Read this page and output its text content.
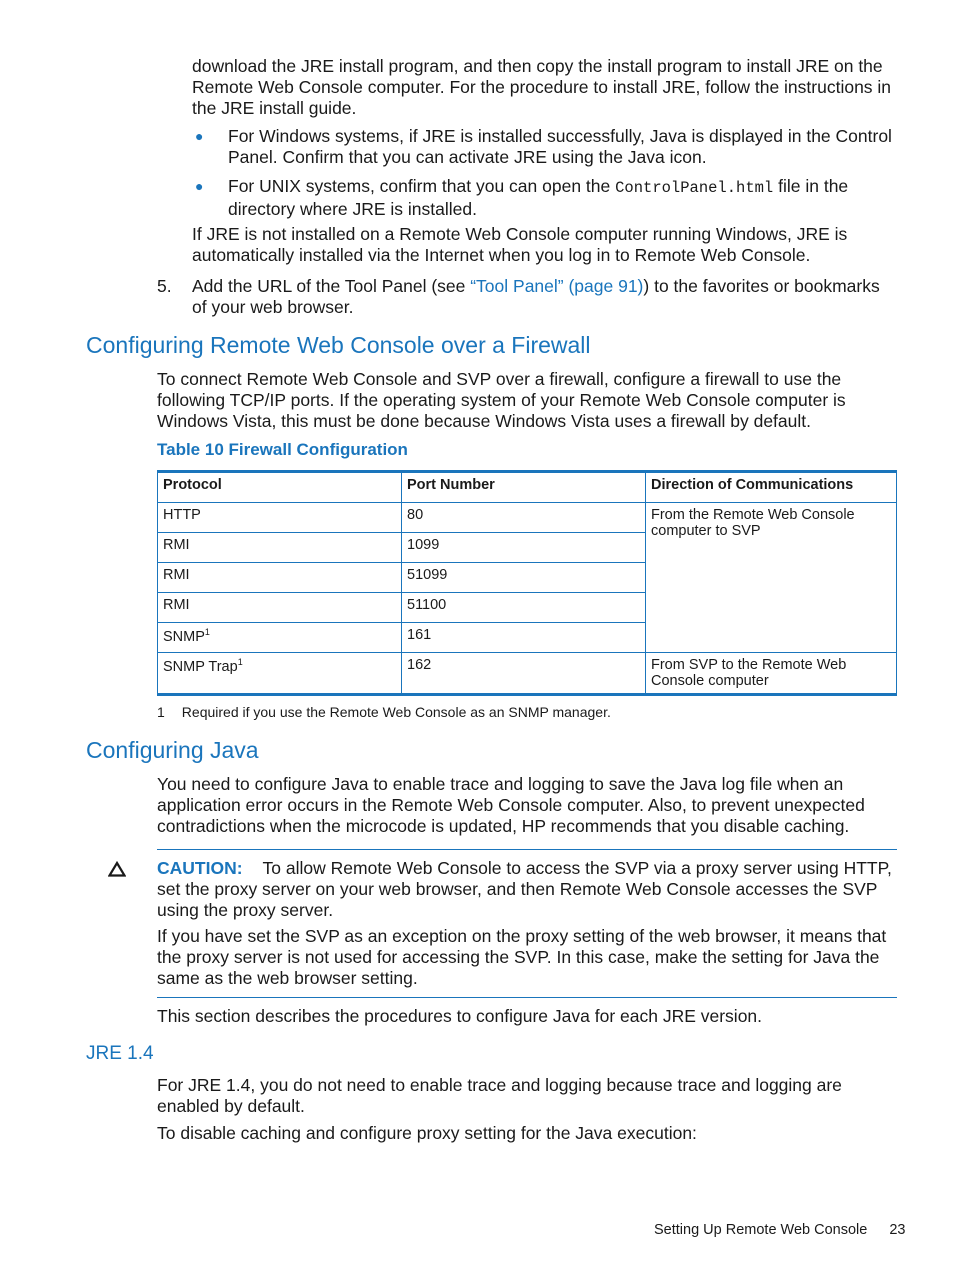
download the JRE install program, and then copy the install program to install JRE on the Remote Web Console computer. For the procedure to install JRE, follow the instructions in the JRE install guide.

● For Windows systems, if JRE is installed successfully, Java is displayed in the Control Panel. Confirm that you can activate JRE using the Java icon.

● For UNIX systems, confirm that you can open the ControlPanel.html file in the directory where JRE is installed.

If JRE is not installed on a Remote Web Console computer running Windows, JRE is automatically installed via the Internet when you log in to Remote Web Console.

5. Add the URL of the Tool Panel (see “Tool Panel” (page 91)) to the favorites or bookmarks of your web browser.

Configuring Remote Web Console over a Firewall

To connect Remote Web Console and SVP over a firewall, configure a firewall to use the following TCP/IP ports. If the operating system of your Remote Web Console computer is Windows Vista, this must be done because Windows Vista uses a firewall by default.

Table 10 Firewall Configuration
Protocol	Port Number	Direction of Communications
HTTP	80	From the Remote Web Console computer to SVP
RMI	1099	
RMI	51099	
RMI	51100	
SNMP$^1$	161	
SNMP Trap$^1$	162	From SVP to the Remote Web Console computer
1 Required if you use the Remote Web Console as an SNMP manager.
Configuring Java

You need to configure Java to enable trace and logging to save the Java log file when an application error occurs in the Remote Web Console computer. Also, to prevent unexpected contradictions when the microcode is updated, HP recommends that you disable caching.

CAUTION: To allow Remote Web Console to access the SVP via a proxy server using HTTP, set the proxy server on your web browser, and then Remote Web Console accesses the SVP using the proxy server.

If you have set the SVP as an exception on the proxy setting of the web browser, it means that the proxy server is not used for accessing the SVP. In this case, make the setting for Java the same as the web browser setting.

This section describes the procedures to configure Java for each JRE version.

JRE 1.4

For JRE 1.4, you do not need to enable trace and logging because trace and logging are enabled by default.

To disable caching and configure proxy setting for the Java execution:

Setting Up Remote Web Console 23
